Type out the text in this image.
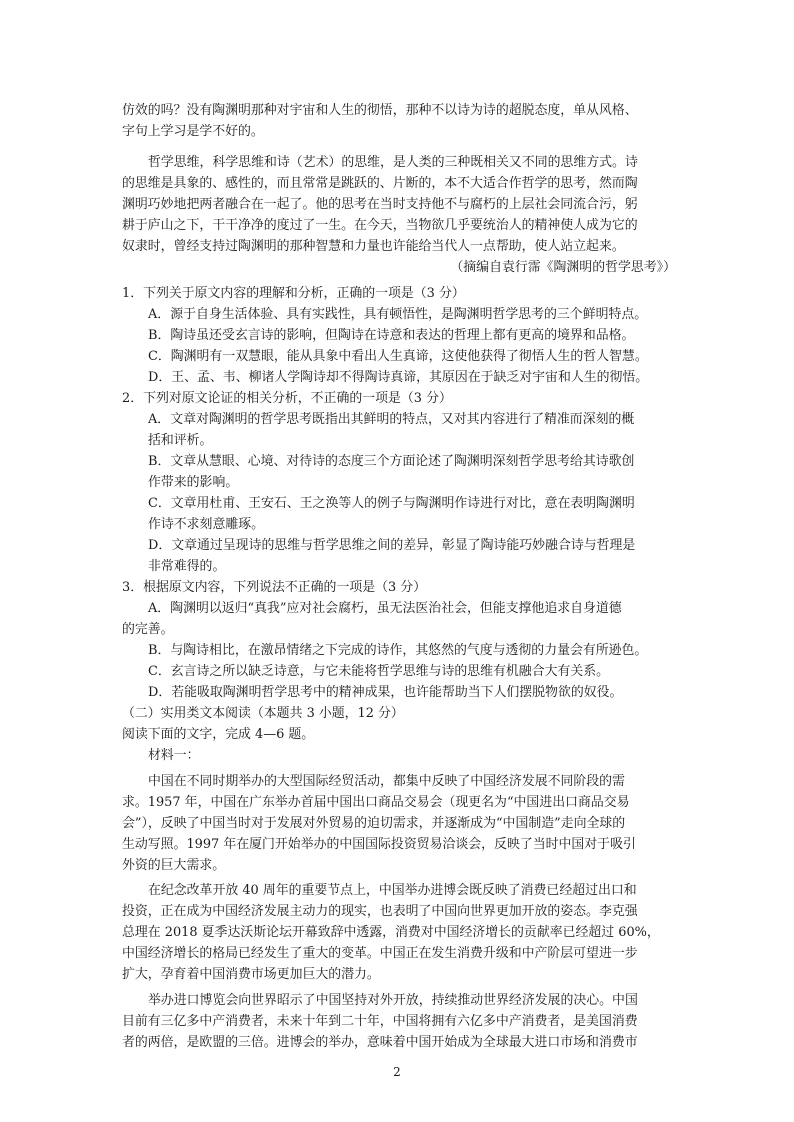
仿效的吗？没有陶渊明那种对宇宙和人生的彻悟，那种不以诗为诗的超脱态度，单从风格、
字句上学习是学不好的。
哲学思维，科学思维和诗（艺术）的思维，是人类的三种既相关又不同的思维方式。诗
的思维是具象的、感性的，而且常常是跳跃的、片断的，本不大适合作哲学的思考，然而陶
渊明巧妙地把两者融合在一起了。他的思考在当时支持他不与腐朽的上层社会同流合污，躬
耕于庐山之下，干干净净的度过了一生。在今天，当物欲几乎要统治人的精神使人成为它的
奴隶时，曾经支持过陶渊明的那种智慧和力量也许能给当代人一点帮助，使人站立起来。
（摘编自袁行霈《陶渊明的哲学思考》）
1．下列关于原文内容的理解和分析，正确的一项是（3 分）
A．源于自身生活体验、具有实践性，具有顿悟性，是陶渊明哲学思考的三个鲜明特点。
B．陶诗虽还受玄言诗的影响，但陶诗在诗意和表达的哲理上都有更高的境界和品格。
C．陶渊明有一双慧眼，能从具象中看出人生真谛，这使他获得了彻悟人生的哲人智慧。
D．王、孟、韦、柳诸人学陶诗却不得陶诗真谛，其原因在于缺乏对宇宙和人生的彻悟。
2．下列对原文论证的相关分析，不正确的一项是（3 分）
A．文章对陶渊明的哲学思考既指出其鲜明的特点，又对其内容进行了精准而深刻的概
括和评析。
B．文章从慧眼、心境、对待诗的态度三个方面论述了陶渊明深刻哲学思考给其诗歌创
作带来的影响。
C．文章用杜甫、王安石、王之涣等人的例子与陶渊明作诗进行对比，意在表明陶渊明
作诗不求刻意雕琢。
D．文章通过呈现诗的思维与哲学思维之间的差异，彰显了陶诗能巧妙融合诗与哲理是
非常难得的。
3．根据原文内容，下列说法不正确的一项是（3 分）
A．陶渊明以返归“真我”应对社会腐朽，虽无法医治社会，但能支撑他追求自身道德
的完善。
B．与陶诗相比，在激昂情绪之下完成的诗作，其悠然的气度与透彻的力量会有所逊色。
C．玄言诗之所以缺乏诗意，与它未能将哲学思维与诗的思维有机融合大有关系。
D．若能吸取陶渊明哲学思考中的精神成果，也许能帮助当下人们摆脱物欲的奴役。
（二）实用类文本阅读（本题共 3 小题，12 分）
阅读下面的文字，完成 4—6 题。
材料一：
中国在不同时期举办的大型国际经贸活动，都集中反映了中国经济发展不同阶段的需
求。1957 年，中国在广东举办首届中国出口商品交易会（现更名为“中国进出口商品交易
会”），反映了中国当时对于发展对外贸易的迫切需求，并逐渐成为“中国制造”走向全球的
生动写照。1997 年在厦门开始举办的中国国际投资贸易洽谈会，反映了当时中国对于吸引
外资的巨大需求。
在纪念改革开放 40 周年的重要节点上，中国举办进博会既反映了消费已经超过出口和
投资，正在成为中国经济发展主动力的现实，也表明了中国向世界更加开放的姿态。李克强
总理在 2018 夏季达沃斯论坛开幕致辞中透露，消费对中国经济增长的贡献率已经超过 60%，
中国经济增长的格局已经发生了重大的变革。中国正在发生消费升级和中产阶层可望进一步
扩大，孕育着中国消费市场更加巨大的潜力。
举办进口博览会向世界昭示了中国坚持对外开放，持续推动世界经济发展的决心。中国
目前有三亿多中产消费者，未来十年到二十年，中国将拥有六亿多中产消费者，是美国消费
者的两倍，是欧盟的三倍。进博会的举办，意味着中国开始成为全球最大进口市场和消费市
2
